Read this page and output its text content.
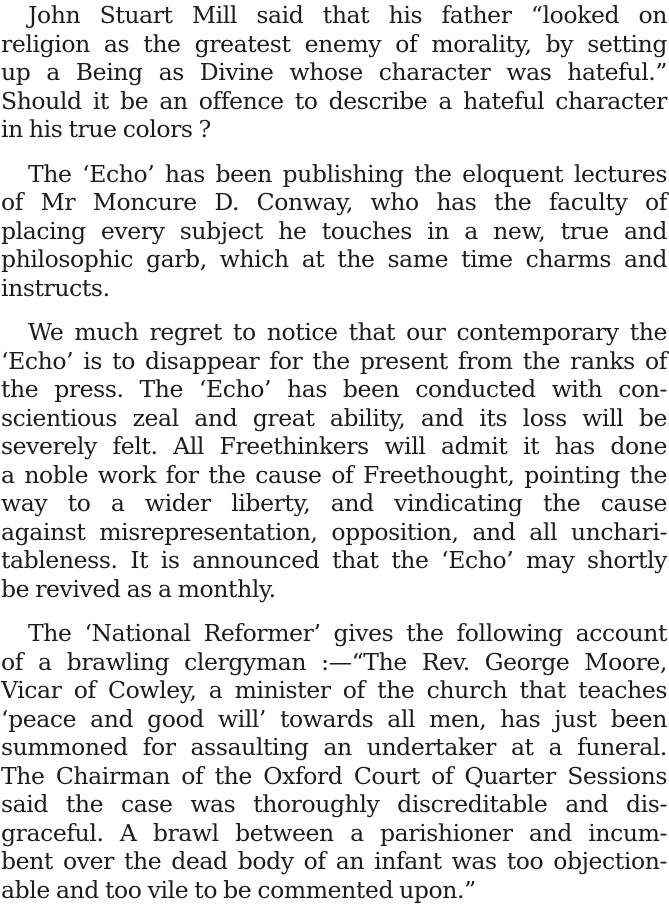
John Stuart Mill said that his father “looked on
religion as the greatest enemy of morality, by setting
up a Being as Divine whose character was hateful.”
Should it be an offence to describe a hateful character
in his true colors ?
The ‘Echo’ has been publishing the eloquent lectures
of Mr Moncure D. Conway, who has the faculty of
placing every subject he touches in a new, true and
philosophic garb, which at the same time charms and
instructs.
We much regret to notice that our contemporary the
‘Echo’ is to disappear for the present from the ranks of
the press. The ‘Echo’ has been conducted with con-
scientious zeal and great ability, and its loss will be
severely felt. All Freethinkers will admit it has done
a noble work for the cause of Freethought, pointing the
way to a wider liberty, and vindicating the cause
against misrepresentation, opposition, and all unchari-
tableness. It is announced that the ‘Echo’ may shortly
be revived as a monthly.
The ‘National Reformer’ gives the following account
of a brawling clergyman :—“The Rev. George Moore,
Vicar of Cowley, a minister of the church that teaches
‘peace and good will’ towards all men, has just been
summoned for assaulting an undertaker at a funeral.
The Chairman of the Oxford Court of Quarter Sessions
said the case was thoroughly discreditable and dis-
graceful. A brawl between a parishioner and incum-
bent over the dead body of an infant was too objection-
able and too vile to be commented upon.”
